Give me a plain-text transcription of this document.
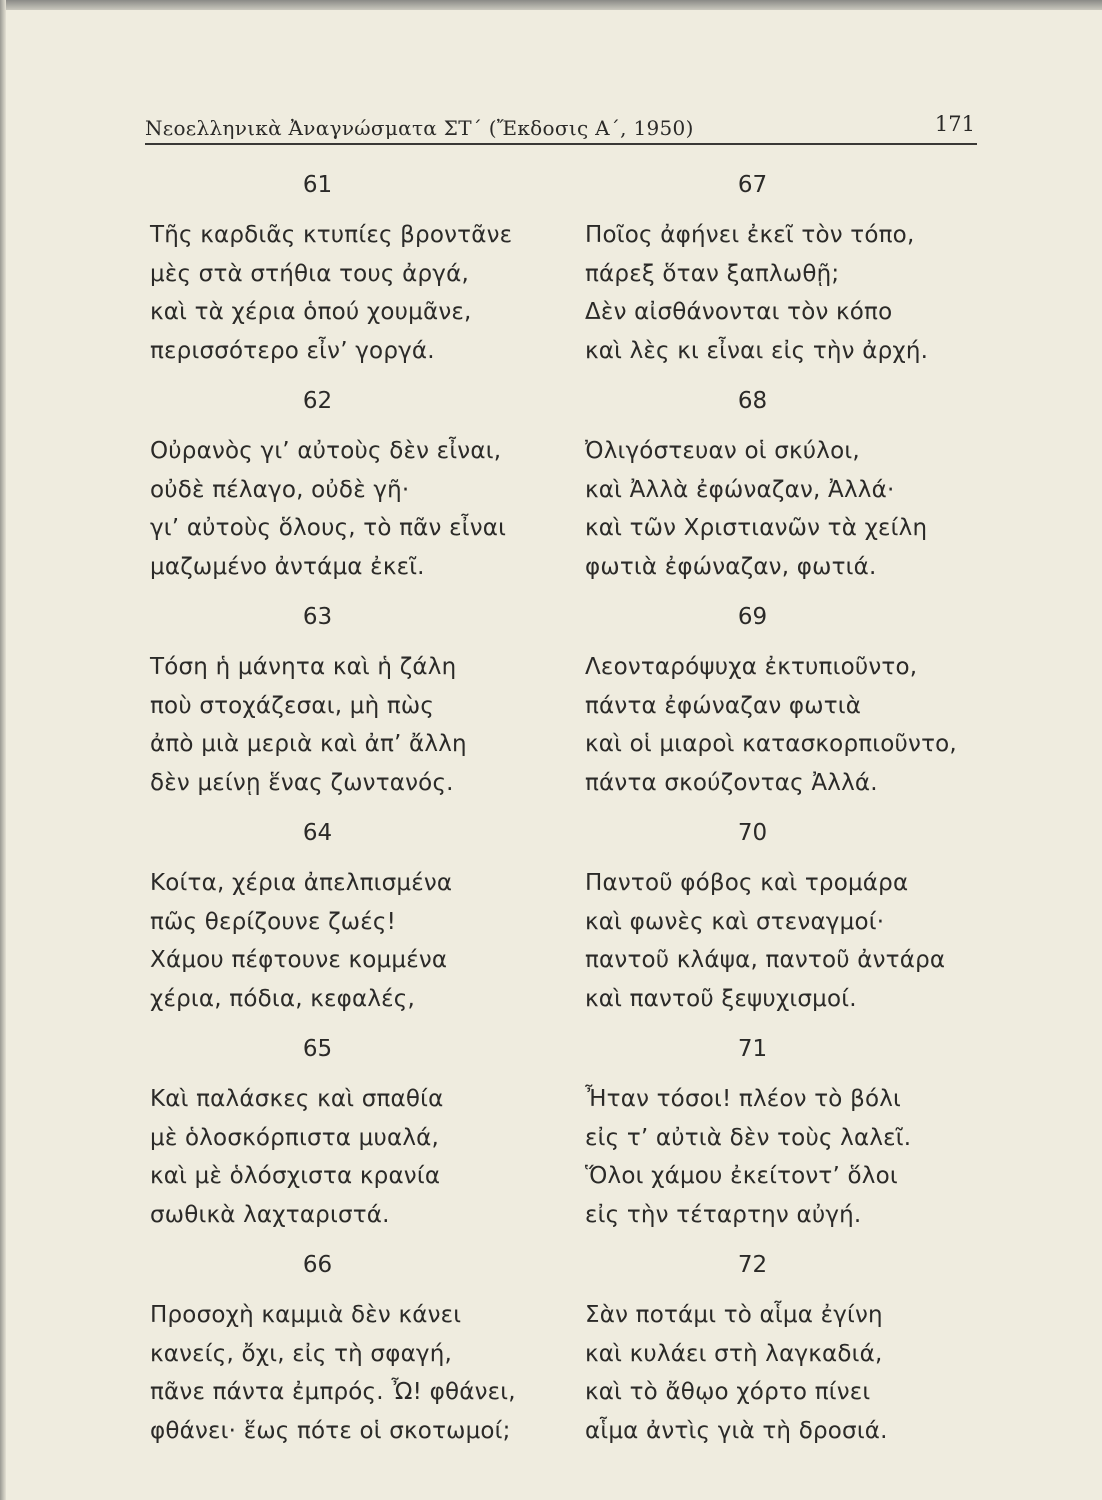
Νεοελληνικὰ Ἀναγνώσματα ΣΤ΄ (Ἔκδοσις Α΄, 1950)	171
61
Τῆς καρδιᾶς κτυπίες βροντᾶνε
μὲς στὰ στήθια τους ἀργά,
καὶ τὰ χέρια ὁπού χουμᾶνε,
περισσότερο εἶν’ γοργά.
62
Οὐρανὸς γι’ αὐτοὺς δὲν εἶναι,
οὐδὲ πέλαγο, οὐδὲ γῆ·
γι’ αὐτοὺς ὅλους, τὸ πᾶν εἶναι
μαζωμένο ἀντάμα ἐκεῖ.
63
Τόση ἡ μάνητα καὶ ἡ ζάλη
ποὺ στοχάζεσαι, μὴ πὼς
ἀπὸ μιὰ μεριὰ καὶ ἀπ’ ἄλλη
δὲν μείνῃ ἕνας ζωντανός.
64
Κοίτα, χέρια ἀπελπισμένα
πῶς θερίζουνε ζωές!
Χάμου πέφτουνε κομμένα
χέρια, πόδια, κεφαλές,
65
Καὶ παλάσκες καὶ σπαθία
μὲ ὁλοσκόρπιστα μυαλά,
καὶ μὲ ὁλόσχιστα κρανία
σωθικὰ λαχταριστά.
66
Προσοχὴ καμμιὰ δὲν κάνει
κανείς, ὄχι, εἰς τὴ σφαγή,
πᾶνε πάντα ἐμπρός. Ὦ! φθάνει,
φθάνει· ἕως πότε οἱ σκοτωμοί;
67
Ποῖος ἀφήνει ἐκεῖ τὸν τόπο,
πάρεξ ὅταν ξαπλωθῇ;
Δὲν αἰσθάνονται τὸν κόπο
καὶ λὲς κι εἶναι εἰς τὴν ἀρχή.
68
Ὀλιγόστευαν οἱ σκύλοι,
καὶ Ἀλλὰ ἐφώναζαν, Ἀλλά·
καὶ τῶν Χριστιανῶν τὰ χείλη
φωτιὰ ἐφώναζαν, φωτιά.
69
Λεονταρόψυχα ἐκτυπιοῦντο,
πάντα ἐφώναζαν φωτιὰ
καὶ οἱ μιαροὶ κατασκορπιοῦντο,
πάντα σκούζοντας Ἀλλά.
70
Παντοῦ φόβος καὶ τρομάρα
καὶ φωνὲς καὶ στεναγμοί·
παντοῦ κλάψα, παντοῦ ἀντάρα
καὶ παντοῦ ξεψυχισμοί.
71
Ἦταν τόσοι! πλέον τὸ βόλι
εἰς τ’ αὐτιὰ δὲν τοὺς λαλεῖ.
Ὅλοι χάμου ἐκείτοντ’ ὅλοι
εἰς τὴν τέταρτην αὐγή.
72
Σὰν ποτάμι τὸ αἷμα ἐγίνη
καὶ κυλάει στὴ λαγκαδιά,
καὶ τὸ ἄθῳο χόρτο πίνει
αἷμα ἀντὶς γιὰ τὴ δροσιά.
